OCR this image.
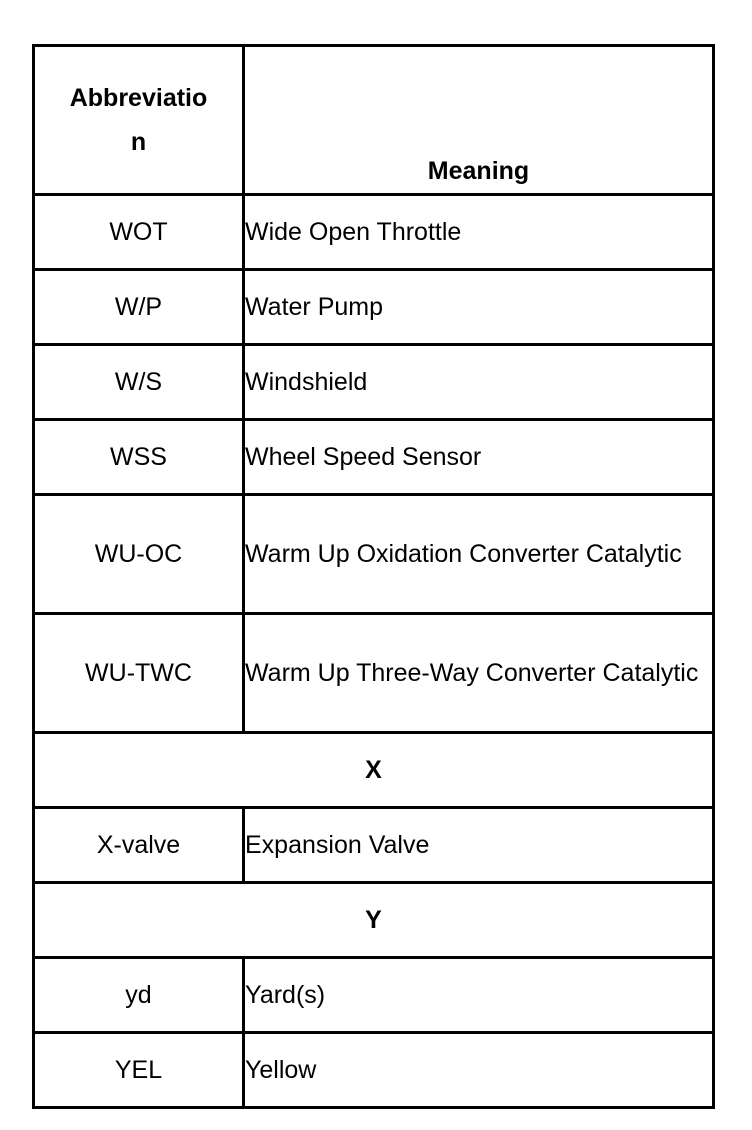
Abbreviation	Meaning
WOT	Wide Open Throttle
W/P	Water Pump
W/S	Windshield
WSS	Wheel Speed Sensor
WU-OC	Warm Up Oxidation Converter Catalytic
WU-TWC	Warm Up Three-Way Converter Catalytic
X	
X-valve	Expansion Valve
Y	
yd	Yard(s)
YEL	Yellow
